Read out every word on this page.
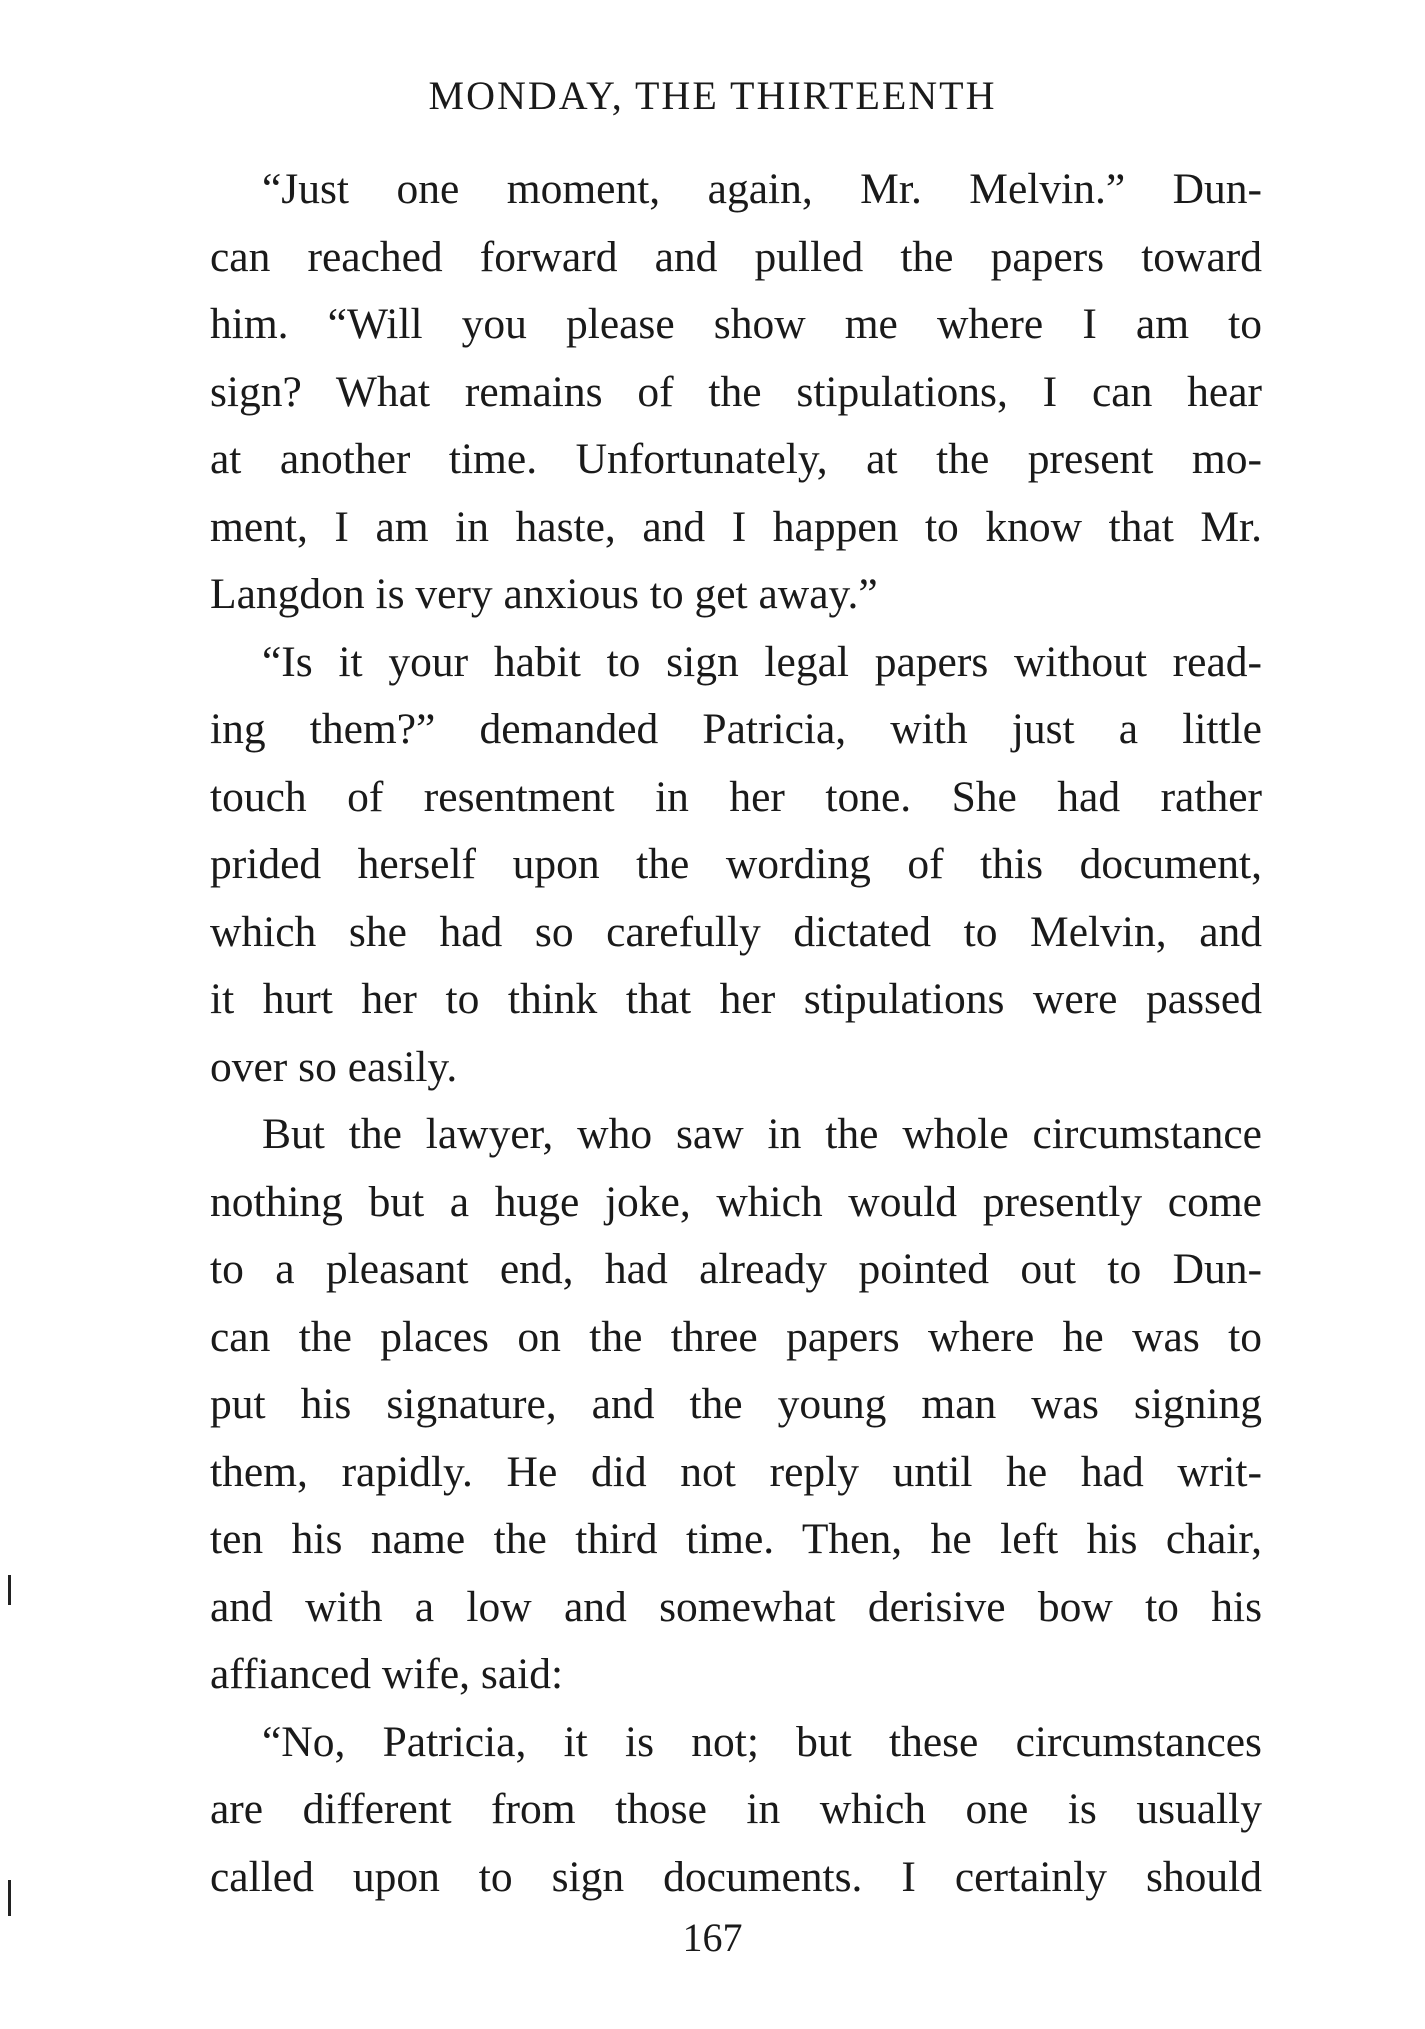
MONDAY, THE THIRTEENTH
“Just one moment, again, Mr. Melvin.” Dun-
can reached forward and pulled the papers toward
him. “Will you please show me where I am to
sign? What remains of the stipulations, I can hear
at another time. Unfortunately, at the present mo-
ment, I am in haste, and I happen to know that Mr.
Langdon is very anxious to get away.”
“Is it your habit to sign legal papers without read-
ing them?” demanded Patricia, with just a little
touch of resentment in her tone. She had rather
prided herself upon the wording of this document,
which she had so carefully dictated to Melvin, and
it hurt her to think that her stipulations were passed
over so easily.
But the lawyer, who saw in the whole circumstance
nothing but a huge joke, which would presently come
to a pleasant end, had already pointed out to Dun-
can the places on the three papers where he was to
put his signature, and the young man was signing
them, rapidly. He did not reply until he had writ-
ten his name the third time. Then, he left his chair,
and with a low and somewhat derisive bow to his
affianced wife, said:
“No, Patricia, it is not; but these circumstances
are different from those in which one is usually
called upon to sign documents. I certainly should
167
